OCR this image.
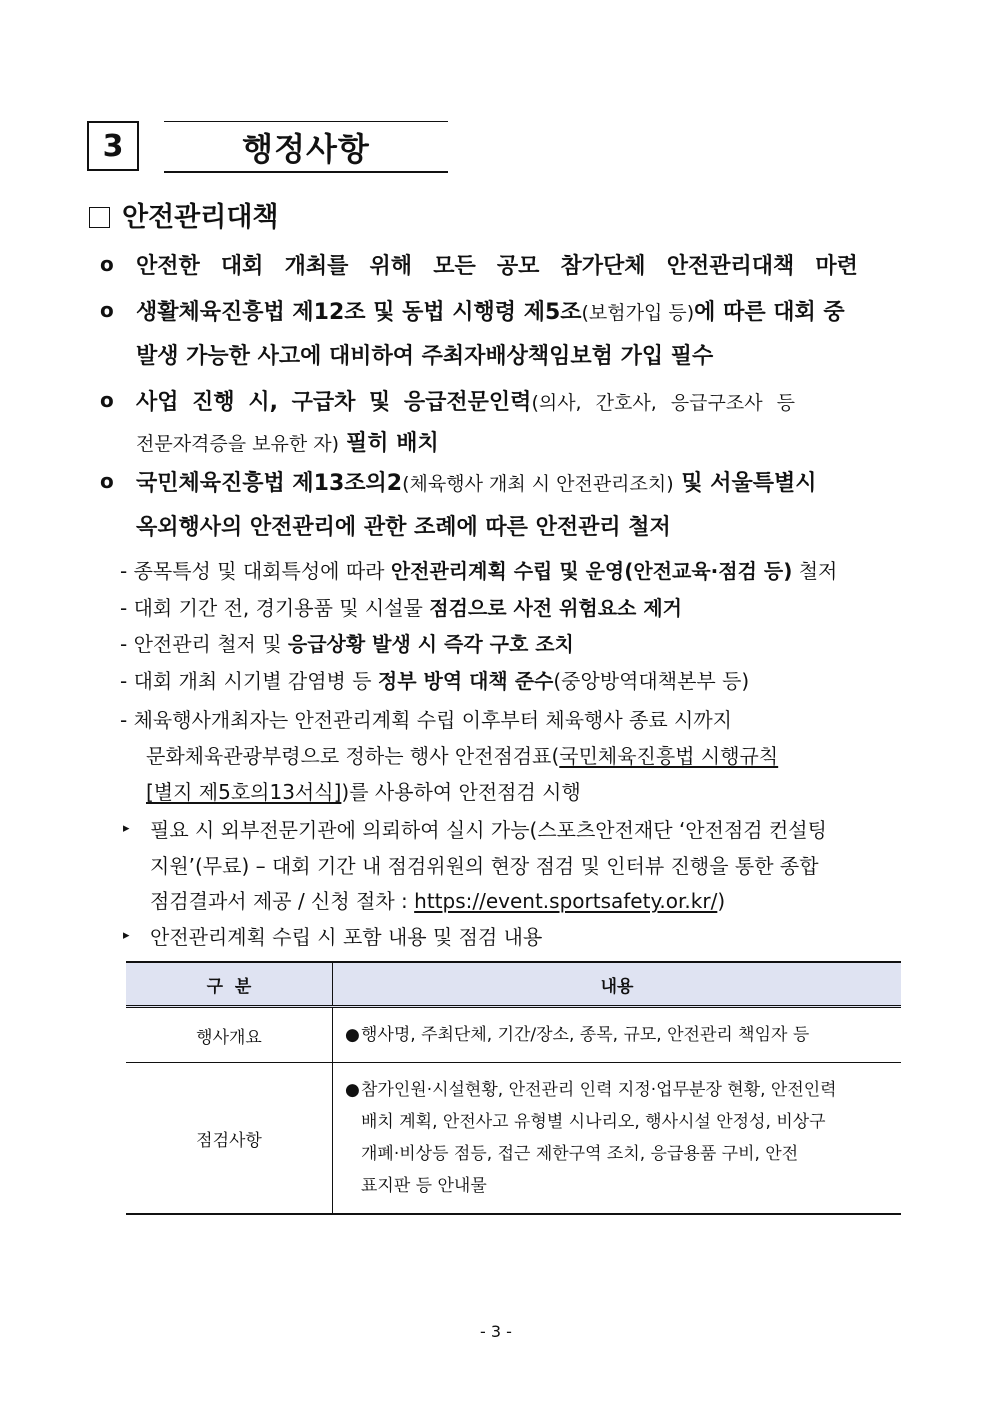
3	행정사항
안전관리대책
o 안전한 대회 개최를 위해 모든 공모 참가단체 안전관리대책 마련
o 생활체육진흥법 제12조 및 동법 시행령 제5조(보험가입 등)에 따른 대회 중
발생 가능한 사고에 대비하여 주최자배상책임보험 가입 필수
o 사업 진행 시, 구급차 및 응급전문인력(의사, 간호사, 응급구조사 등
전문자격증을 보유한 자) 필히 배치
o 국민체육진흥법 제13조의2(체육행사 개최 시 안전관리조치) 및 서울특별시
옥외행사의 안전관리에 관한 조례에 따른 안전관리 철저
- 종목특성 및 대회특성에 따라 안전관리계획 수립 및 운영(안전교육·점검 등) 철저
- 대회 기간 전, 경기용품 및 시설물 점검으로 사전 위험요소 제거
- 안전관리 철저 및 응급상황 발생 시 즉각 구호 조치
- 대회 개최 시기별 감염병 등 정부 방역 대책 준수(중앙방역대책본부 등)
- 체육행사개최자는 안전관리계획 수립 이후부터 체육행사 종료 시까지
문화체육관광부령으로 정하는 행사 안전점검표(국민체육진흥법 시행규칙
[별지 제5호의13서식])를 사용하여 안전점검 시행
▸ 필요 시 외부전문기관에 의뢰하여 실시 가능(스포츠안전재단 ‘안전점검 컨설팅
지원’(무료) – 대회 기간 내 점검위원의 현장 점검 및 인터뷰 진행을 통한 종합
점검결과서 제공 / 신청 절차 : https://event.sportsafety.or.kr/)
▸ 안전관리계획 수립 시 포함 내용 및 점검 내용
구  분	내용
행사개요	● 행사명, 주최단체, 기간/장소, 종목, 규모, 안전관리 책임자 등

점검사항	● 참가인원·시설현황, 안전관리 인력 지정·업무분장 현황, 안전인력
배치 계획, 안전사고 유형별 시나리오, 행사시설 안정성, 비상구
개폐·비상등 점등, 접근 제한구역 조치, 응급용품 구비, 안전
표지판 등 안내물
- 3 -
